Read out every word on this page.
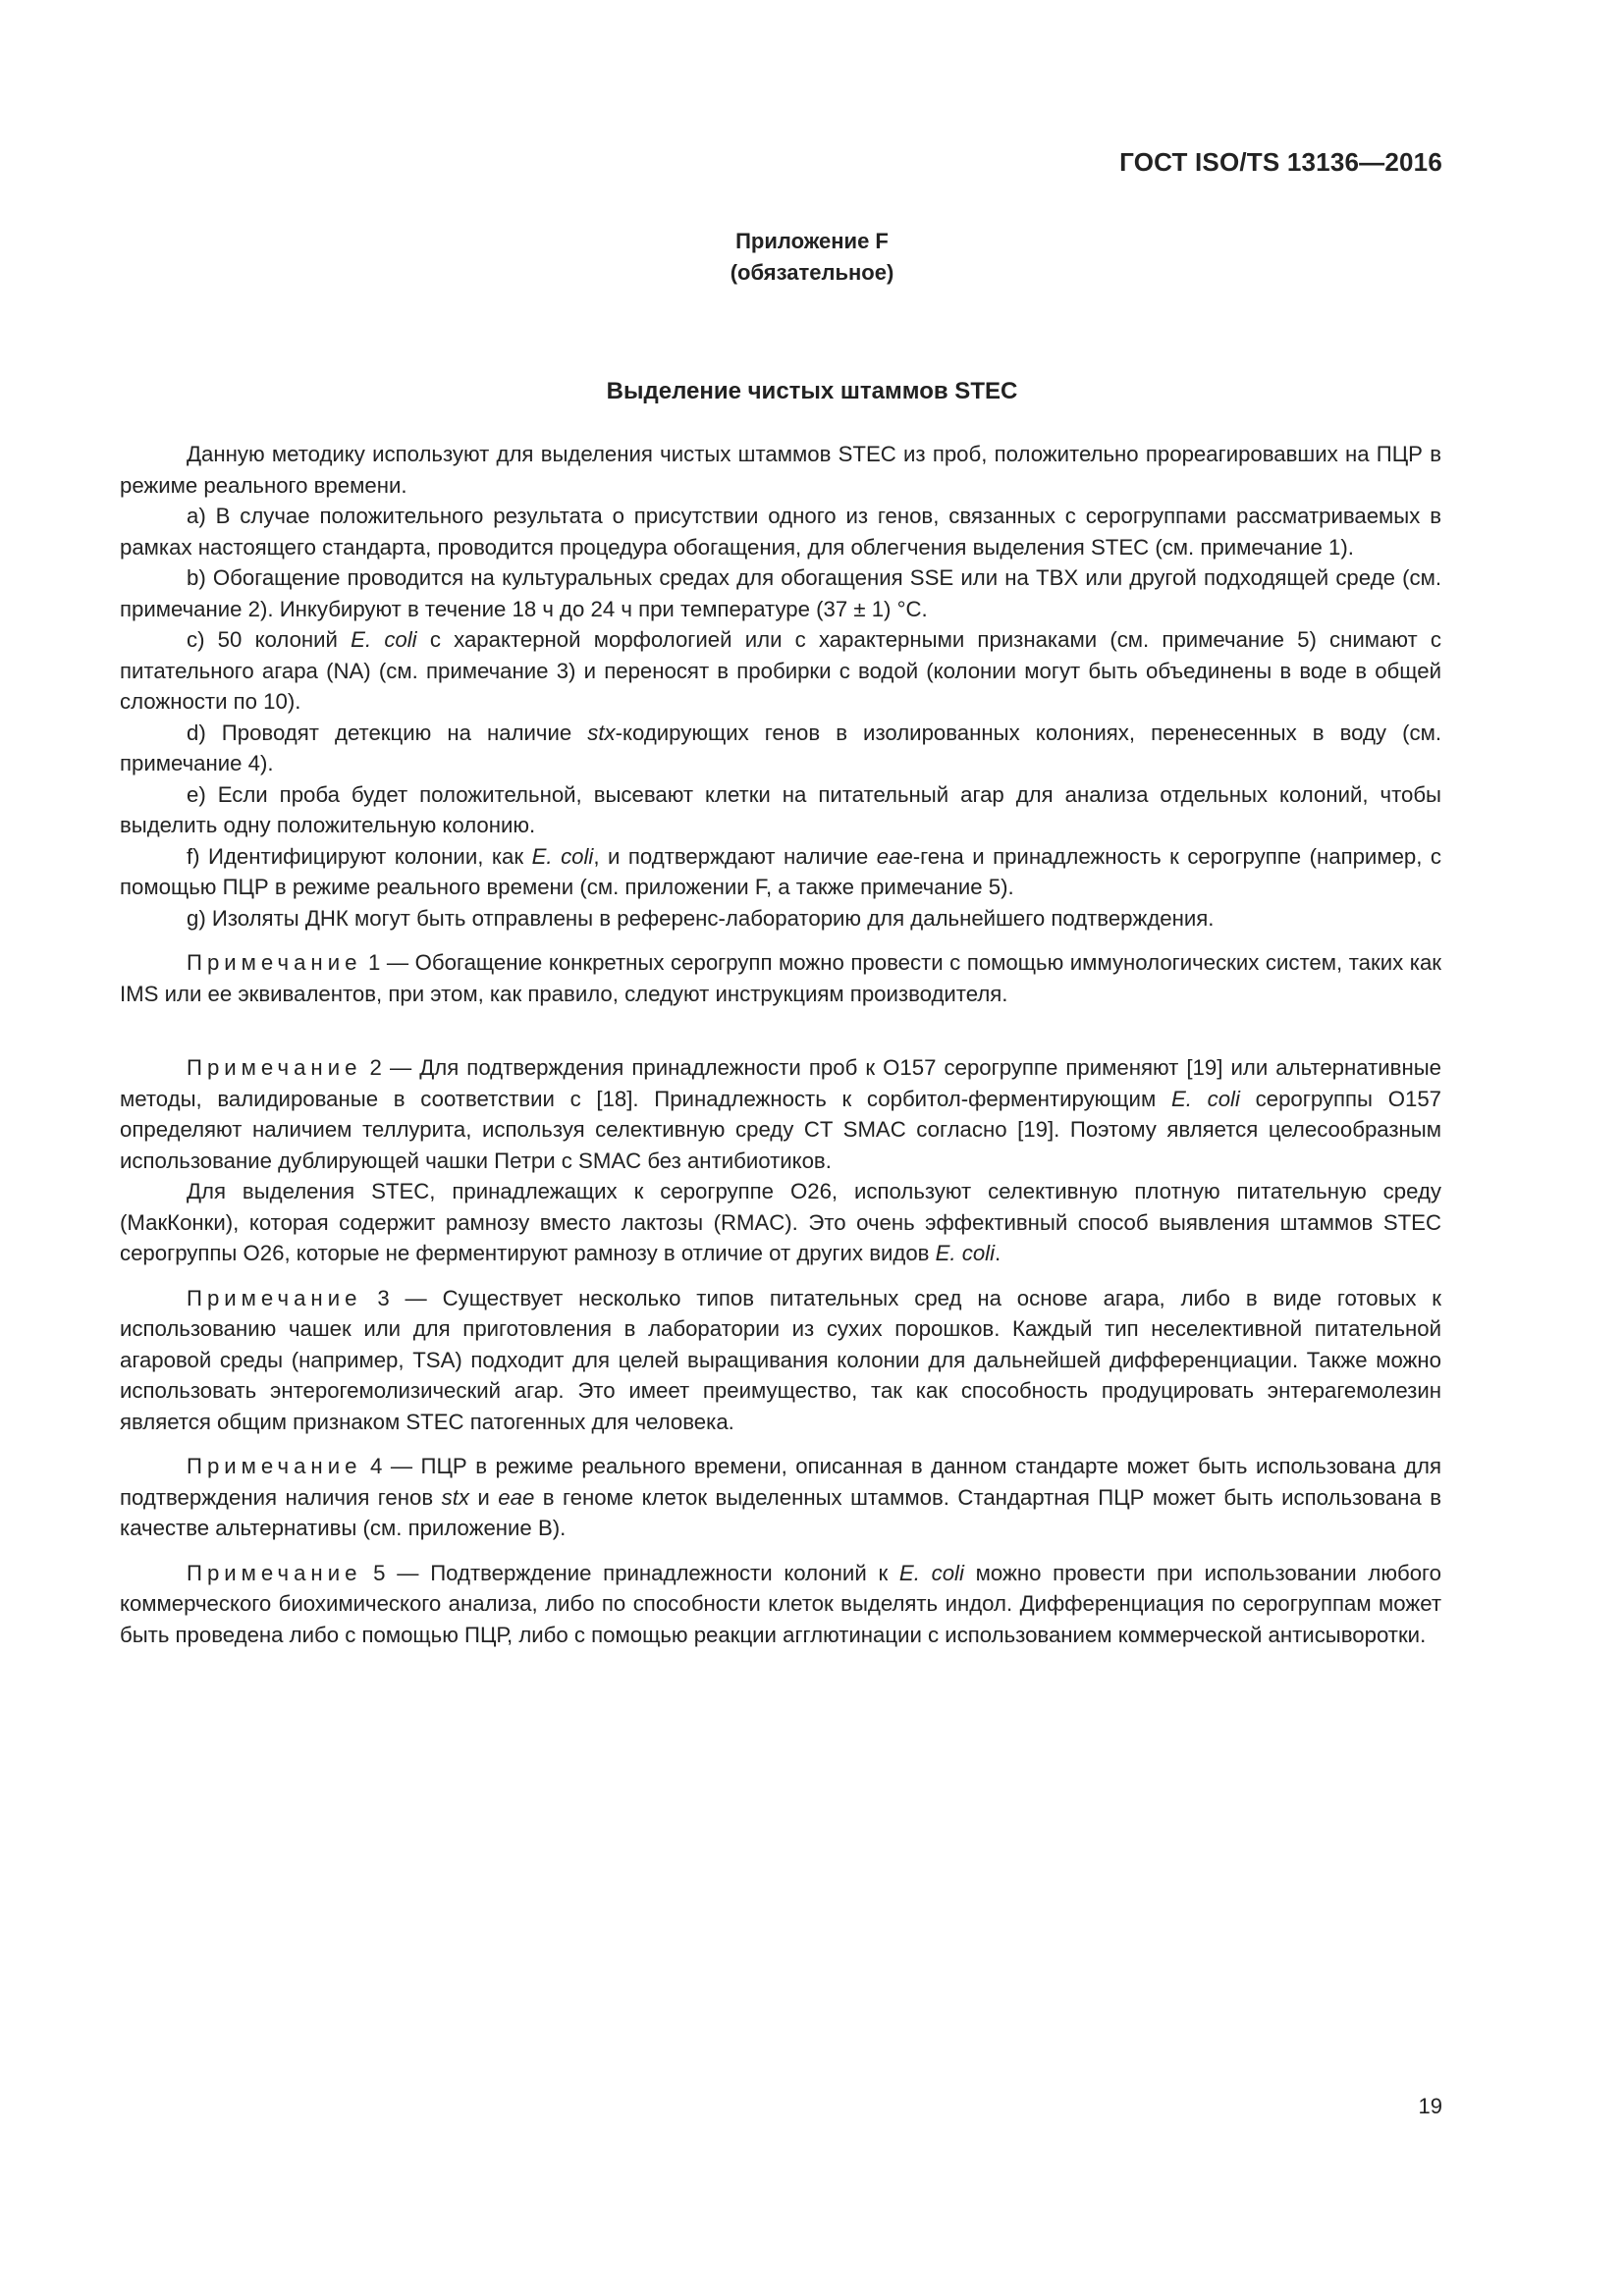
ГОСТ ISO/TS 13136—2016
Приложение F
(обязательное)
Выделение чистых штаммов STEC

Данную методику используют для выделения чистых штаммов STEC из проб, положительно прореагировавших на ПЦР в режиме реального времени.

a) В случае положительного результата о присутствии одного из генов, связанных с серогруппами рассматриваемых в рамках настоящего стандарта, проводится процедура обогащения, для облегчения выделения STEC (см. примечание 1).

b) Обогащение проводится на культуральных средах для обогащения SSE или на TBX или другой подходящей среде (см. примечание 2). Инкубируют в течение 18 ч до 24 ч при температуре (37 ± 1) °C.

c) 50 колоний E. coli с характерной морфологией или с характерными признаками (см. примечание 5) снимают с питательного агара (NA) (см. примечание 3) и переносят в пробирки с водой (колонии могут быть объединены в воде в общей сложности по 10).

d) Проводят детекцию на наличие stx-кодирующих генов в изолированных колониях, перенесенных в воду (см. примечание 4).

e) Если проба будет положительной, высевают клетки на питательный агар для анализа отдельных колоний, чтобы выделить одну положительную колонию.

f) Идентифицируют колонии, как E. coli, и подтверждают наличие eae-гена и принадлежность к серогруппе (например, с помощью ПЦР в режиме реального времени (см. приложении F, а также примечание 5).

g) Изоляты ДНК могут быть отправлены в референс-лабораторию для дальнейшего подтверждения.

Примечание 1 — Обогащение конкретных серогрупп можно провести с помощью иммунологических систем, таких как IMS или ее эквивалентов, при этом, как правило, следуют инструкциям производителя.

Примечание 2 — Для подтверждения принадлежности проб к О157 серогруппе применяют [19] или альтернативные методы, валидированые в соответствии с [18]. Принадлежность к сорбитол-ферментирующим E. coli серогруппы О157 определяют наличием теллурита, используя селективную среду CT SMAC согласно [19]. Поэтому является целесообразным использование дублирующей чашки Петри с SMAC без антибиотиков.

Для выделения STEC, принадлежащих к серогруппе О26, используют селективную плотную питательную среду (МакКонки), которая содержит рамнозу вместо лактозы (RMAC). Это очень эффективный способ выявления штаммов STEC серогруппы О26, которые не ферментируют рамнозу в отличие от других видов E. coli.

Примечание 3 — Существует несколько типов питательных сред на основе агара, либо в виде готовых к использованию чашек или для приготовления в лаборатории из сухих порошков. Каждый тип неселективной питательной агаровой среды (например, TSA) подходит для целей выращивания колонии для дальнейшей дифференциации. Также можно использовать энтерогемолизический агар. Это имеет преимущество, так как способность продуцировать энтерагемолезин является общим признаком STEC патогенных для человека.

Примечание 4 — ПЦР в режиме реального времени, описанная в данном стандарте может быть использована для подтверждения наличия генов stx и eae в геноме клеток выделенных штаммов. Стандартная ПЦР может быть использована в качестве альтернативы (см. приложение В).

Примечание 5 — Подтверждение принадлежности колоний к E. coli можно провести при использовании любого коммерческого биохимического анализа, либо по способности клеток выделять индол. Дифференциация по серогруппам может быть проведена либо с помощью ПЦР, либо с помощью реакции агглютинации с использованием коммерческой антисыворотки.

19
